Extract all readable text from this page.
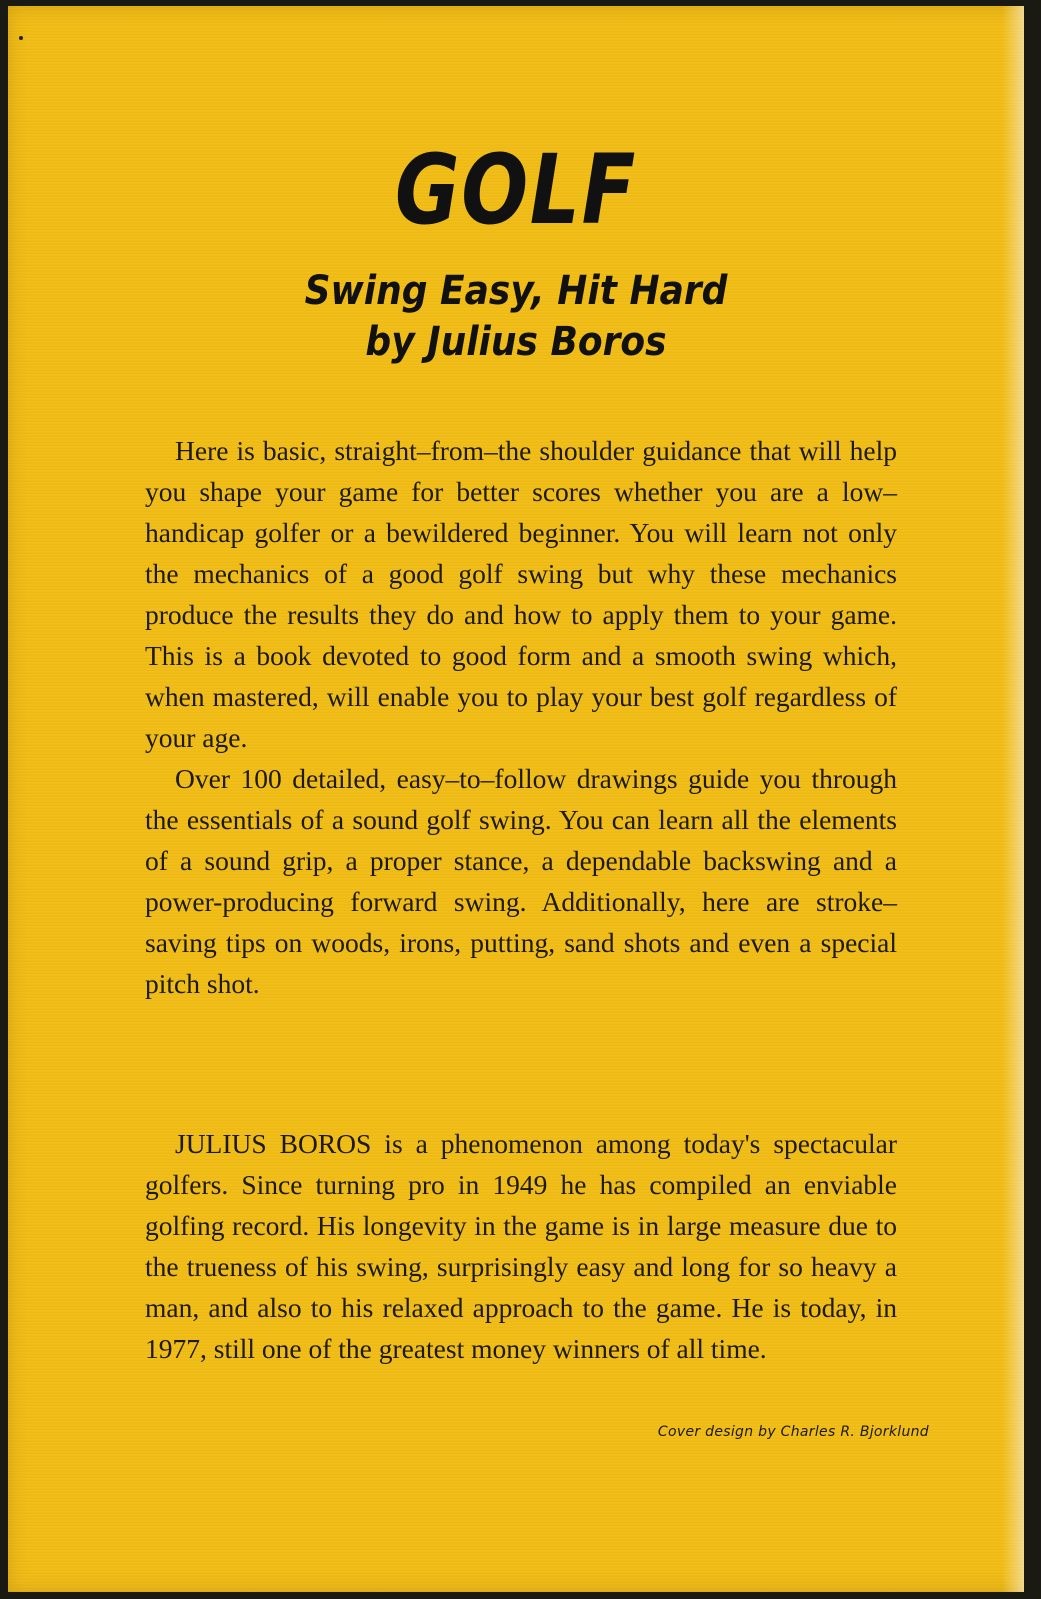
GOLF
Swing Easy, Hit Hard
by Julius Boros

Here is basic, straight–from–the shoulder guidance that will help you shape your game for better scores whether you are a low–handicap golfer or a bewildered beginner. You will learn not only the mechanics of a good golf swing but why these mechanics produce the results they do and how to apply them to your game. This is a book devoted to good form and a smooth swing which, when mastered, will enable you to play your best golf regardless of your age.

Over 100 detailed, easy–to–follow drawings guide you through the essentials of a sound golf swing. You can learn all the elements of a sound grip, a proper stance, a dependable backswing and a power-producing forward swing. Additionally, here are stroke–saving tips on woods, irons, putting, sand shots and even a special pitch shot.

JULIUS BOROS is a phenomenon among today's spectacular golfers. Since turning pro in 1949 he has compiled an enviable golfing record. His longevity in the game is in large measure due to the trueness of his swing, surprisingly easy and long for so heavy a man, and also to his relaxed approach to the game. He is today, in 1977, still one of the greatest money winners of all time.

Cover design by Charles R. Bjorklund
